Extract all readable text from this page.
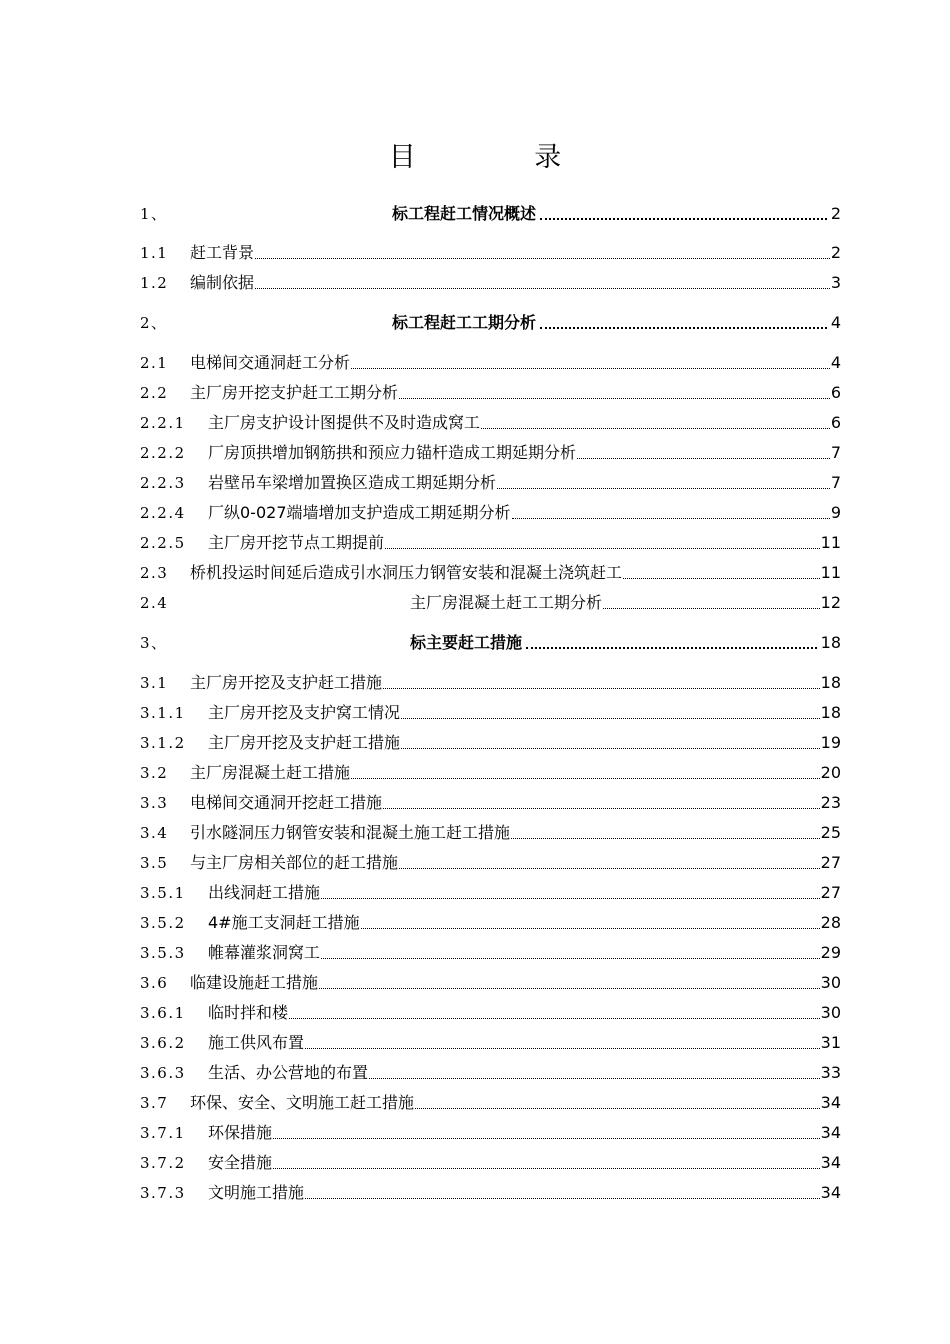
目 录
1、	标工程赶工情况概述	2
1.1	赶工背景	2
1.2	编制依据	3
2、	标工程赶工工期分析	4
2.1	电梯间交通洞赶工分析	4
2.2	主厂房开挖支护赶工工期分析	6
2.2.1	主厂房支护设计图提供不及时造成窝工	6
2.2.2	厂房顶拱增加钢筋拱和预应力锚杆造成工期延期分析	7
2.2.3	岩壁吊车梁增加置换区造成工期延期分析	7
2.2.4	厂纵0-027端墙增加支护造成工期延期分析	9
2.2.5	主厂房开挖节点工期提前	11
2.3	桥机投运时间延后造成引水洞压力钢管安装和混凝土浇筑赶工	11
2.4	主厂房混凝土赶工工期分析	12
3、	标主要赶工措施	18
3.1	主厂房开挖及支护赶工措施	18
3.1.1	主厂房开挖及支护窝工情况	18
3.1.2	主厂房开挖及支护赶工措施	19
3.2	主厂房混凝土赶工措施	20
3.3	电梯间交通洞开挖赶工措施	23
3.4	引水隧洞压力钢管安装和混凝土施工赶工措施	25
3.5	与主厂房相关部位的赶工措施	27
3.5.1	出线洞赶工措施	27
3.5.2	4#施工支洞赶工措施	28
3.5.3	帷幕灌浆洞窝工	29
3.6	临建设施赶工措施	30
3.6.1	临时拌和楼	30
3.6.2	施工供风布置	31
3.6.3	生活、办公营地的布置	33
3.7	环保、安全、文明施工赶工措施	34
3.7.1	环保措施	34
3.7.2	安全措施	34
3.7.3	文明施工措施	34
